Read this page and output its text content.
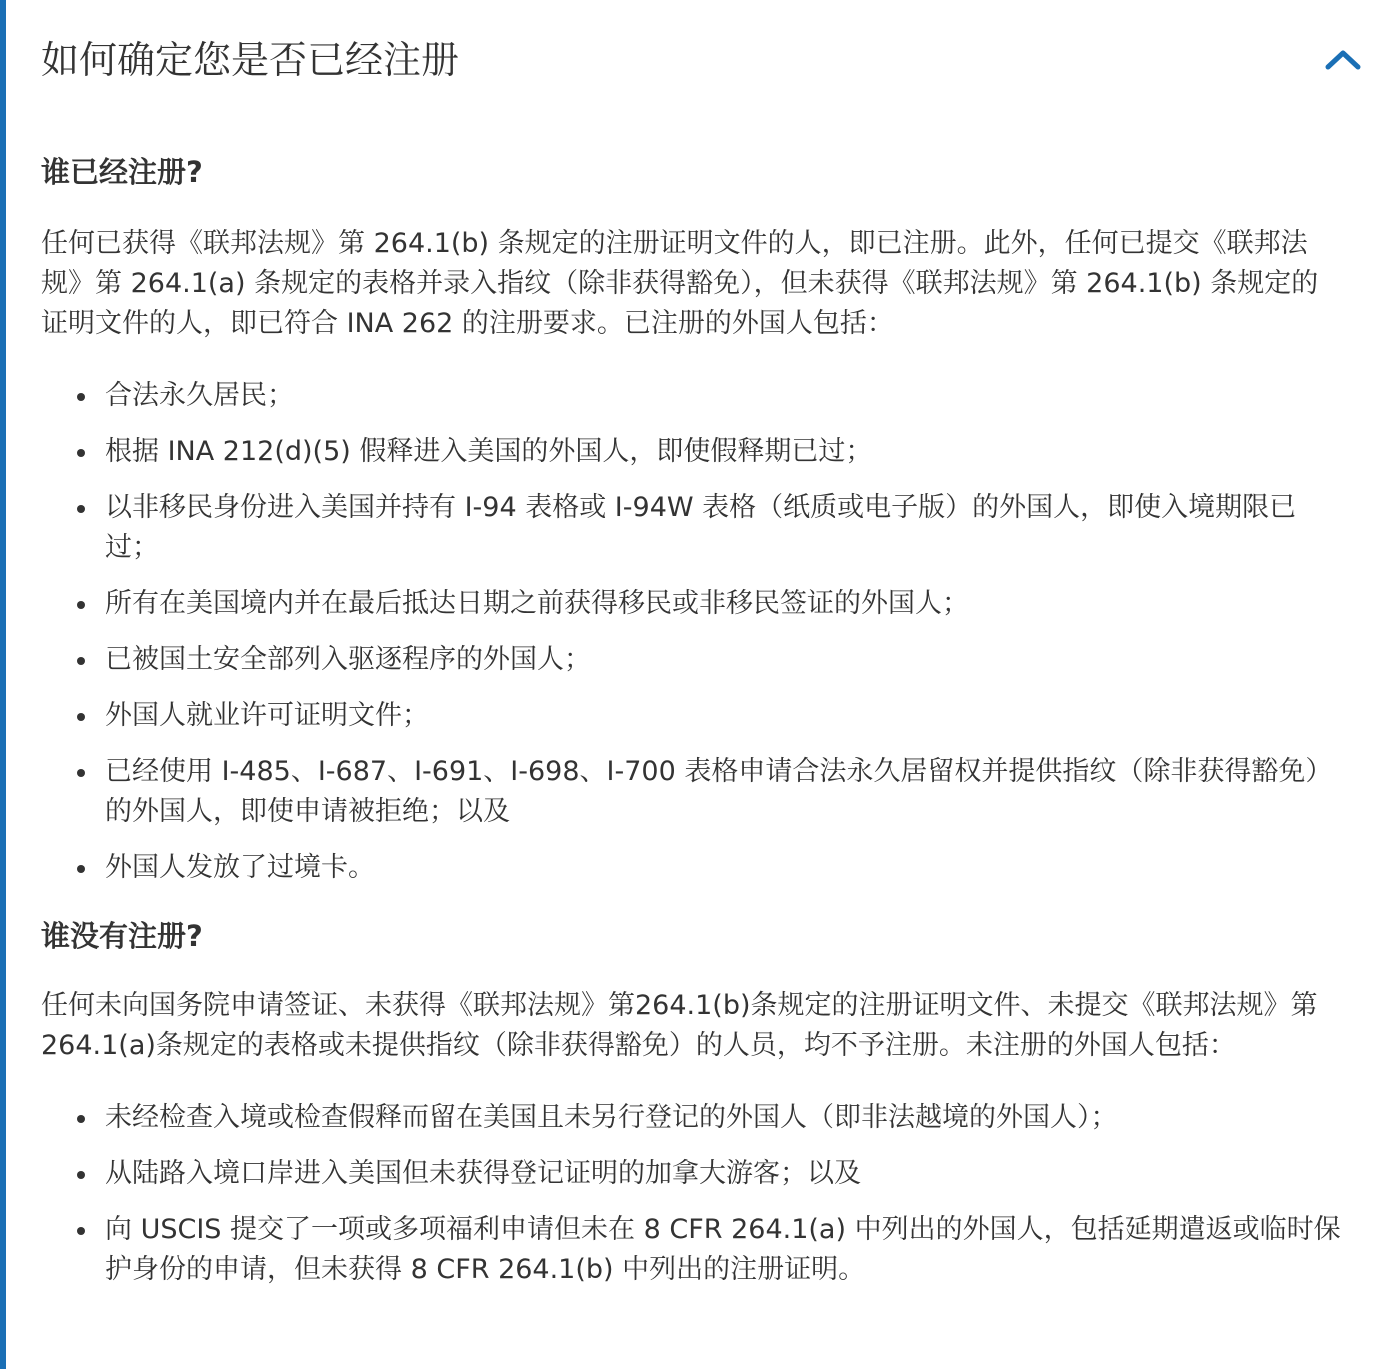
如何确定您是否已经注册
谁已经注册?

任何已获得《联邦法规》第 264.1(b) 条规定的注册证明文件的人，即已注册。此外，任何已提交《联邦法规》第 264.1(a) 条规定的表格并录入指纹（除非获得豁免），但未获得《联邦法规》第 264.1(b) 条规定的证明文件的人，即已符合 INA 262 的注册要求。已注册的外国人包括：

合法永久居民；
根据 INA 212(d)(5) 假释进入美国的外国人，即使假释期已过；
以非移民身份进入美国并持有 I-94 表格或 I-94W 表格（纸质或电子版）的外国人，即使入境期限已过；
所有在美国境内并在最后抵达日期之前获得移民或非移民签证的外国人；
已被国土安全部列入驱逐程序的外国人；
外国人就业许可证明文件；
已经使用 I-485、I-687、I-691、I-698、I-700 表格申请合法永久居留权并提供指纹（除非获得豁免）的外国人，即使申请被拒绝；以及
外国人发放了过境卡。
谁没有注册?

任何未向国务院申请签证、未获得《联邦法规》第264.1(b)条规定的注册证明文件、未提交《联邦法规》第264.1(a)条规定的表格或未提供指纹（除非获得豁免）的人员，均不予注册。未注册的外国人包括：

未经检查入境或检查假释而留在美国且未另行登记的外国人（即非法越境的外国人）；
从陆路入境口岸进入美国但未获得登记证明的加拿大游客；以及
向 USCIS 提交了一项或多项福利申请但未在 8 CFR 264.1(a) 中列出的外国人，包括延期遣返或临时保护身份的申请，但未获得 8 CFR 264.1(b) 中列出的注册证明。
